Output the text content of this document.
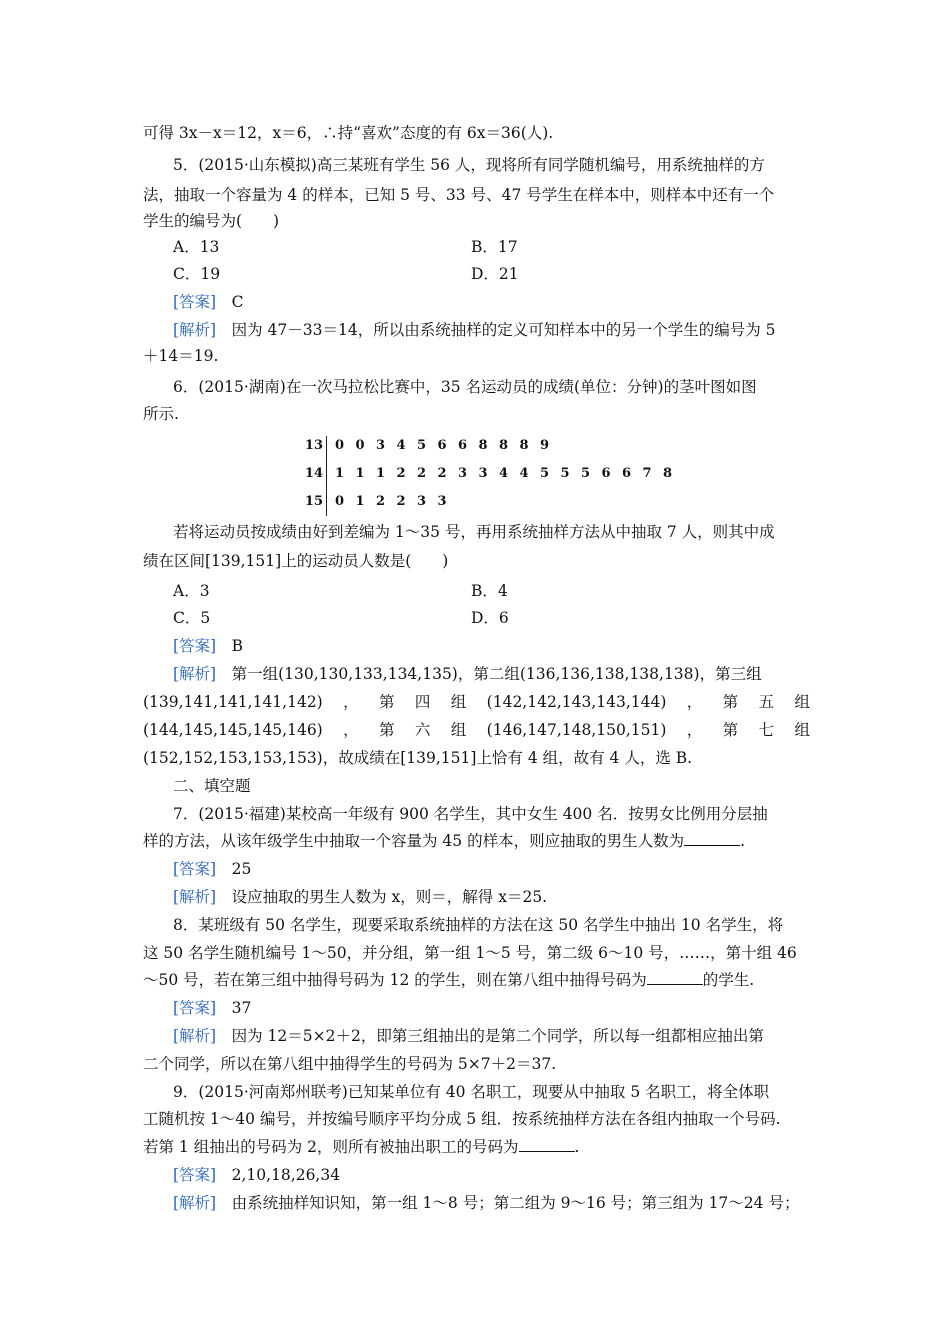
可得 3x－x＝12，x＝6，∴持“喜欢”态度的有 6x＝36(人).
5．(2015·山东模拟)高三某班有学生 56 人，现将所有同学随机编号，用系统抽样的方
法，抽取一个容量为 4 的样本，已知 5 号、33 号、47 号学生在样本中，则样本中还有一个
学生的编号为(　　)
A．13	B．17
C．19	D．21
[答案]　 C
[解析]　 因为 47－33＝14，所以由系统抽样的定义可知样本中的另一个学生的编号为 5
＋14＝19.
6．(2015·湖南)在一次马拉松比赛中，35 名运动员的成绩(单位：分钟)的茎叶图如图
所示.
13 0 0 3 4 5 6 6 8 8 8 9
14 1 1 1 2 2 2 3 3 4 4 5 5 5 6 6 7 8
15 0 1 2 2 3 3
若将运动员按成绩由好到差编为 1～35 号，再用系统抽样方法从中抽取 7 人，则其中成
绩在区间[139,151]上的运动员人数是(　　)
A．3	B．4
C．5	D．6
[答案]　 B
[解析]　 第一组(130,130,133,134,135)，第二组(136,136,138,138,138)，第三组
(139,141,141,141,142) ， 第 四 组 (142,142,143,143,144) ， 第 五 组
(144,145,145,145,146) ， 第 六 组 (146,147,148,150,151) ， 第 七 组
(152,152,153,153,153)，故成绩在[139,151]上恰有 4 组，故有 4 人，选 B.
二、填空题
7．(2015·福建)某校高一年级有 900 名学生，其中女生 400 名．按男女比例用分层抽
样的方法，从该年级学生中抽取一个容量为 45 的样本，则应抽取的男生人数为	.
[答案]　 25
[解析]　 设应抽取的男生人数为 x，则＝，解得 x＝25.
8．某班级有 50 名学生，现要采取系统抽样的方法在这 50 名学生中抽出 10 名学生，将
这 50 名学生随机编号 1～50，并分组，第一组 1～5 号，第二级 6～10 号，……，第十组 46
～50 号，若在第三组中抽得号码为 12 的学生，则在第八组中抽得号码为	的学生.
[答案]　 37
[解析]　 因为 12＝5×2＋2，即第三组抽出的是第二个同学，所以每一组都相应抽出第
二个同学，所以在第八组中抽得学生的号码为 5×7＋2＝37.
9．(2015·河南郑州联考)已知某单位有 40 名职工，现要从中抽取 5 名职工，将全体职
工随机按 1～40 编号，并按编号顺序平均分成 5 组．按系统抽样方法在各组内抽取一个号码.
若第 1 组抽出的号码为 2，则所有被抽出职工的号码为	.
[答案]　 2,10,18,26,34
[解析]　 由系统抽样知识知，第一组 1～8 号；第二组为 9～16 号；第三组为 17～24 号；
